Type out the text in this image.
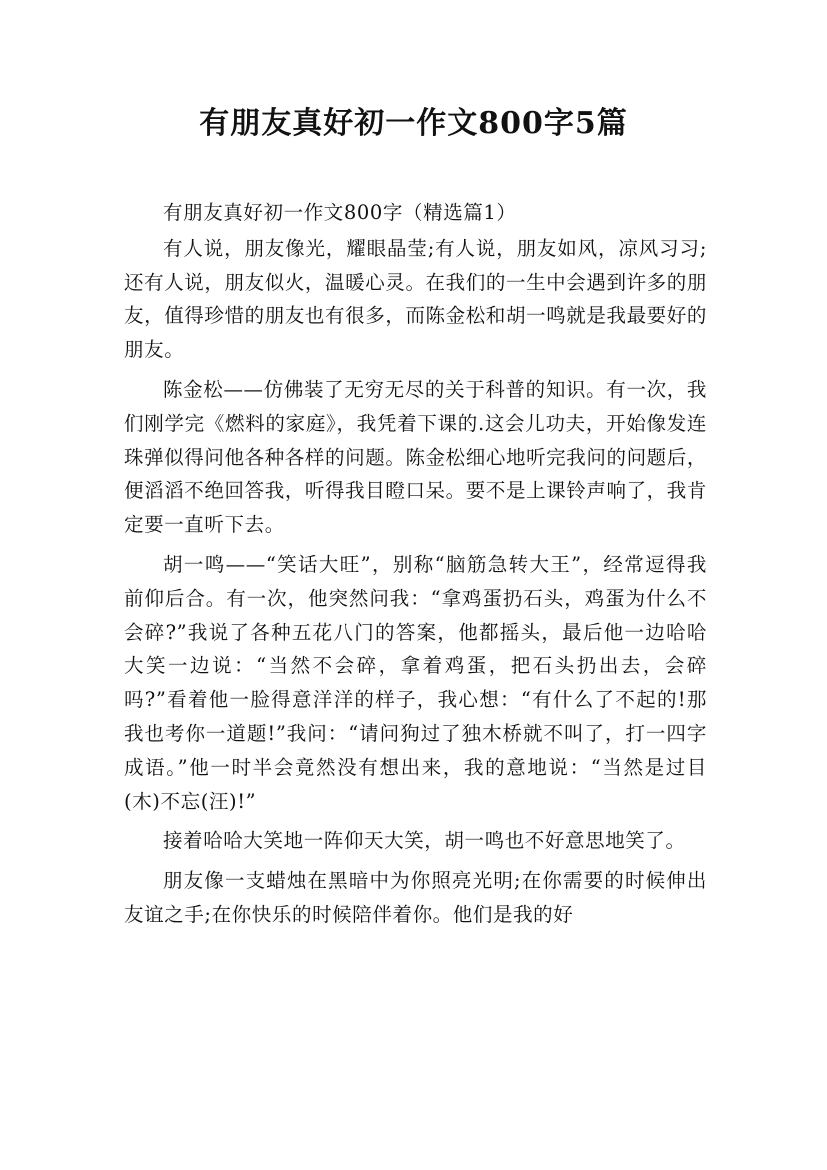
有朋友真好初一作文800字5篇

有朋友真好初一作文800字（精选篇1）

有人说，朋友像光，耀眼晶莹;有人说，朋友如风，凉风习习;还有人说，朋友似火，温暖心灵。在我们的一生中会遇到许多的朋友，值得珍惜的朋友也有很多，而陈金松和胡一鸣就是我最要好的朋友。

陈金松——仿佛装了无穷无尽的关于科普的知识。有一次，我们刚学完《燃料的家庭》，我凭着下课的.这会儿功夫，开始像发连珠弹似得问他各种各样的问题。陈金松细心地听完我问的问题后，便滔滔不绝回答我，听得我目瞪口呆。要不是上课铃声响了，我肯定要一直听下去。

胡一鸣——“笑话大旺”，别称“脑筋急转大王”，经常逗得我前仰后合。有一次，他突然问我：“拿鸡蛋扔石头，鸡蛋为什么不会碎?”我说了各种五花八门的答案，他都摇头，最后他一边哈哈大笑一边说：“当然不会碎，拿着鸡蛋，把石头扔出去，会碎吗?”看着他一脸得意洋洋的样子，我心想：“有什么了不起的!那我也考你一道题!”我问：“请问狗过了独木桥就不叫了，打一四字成语。”他一时半会竟然没有想出来，我的意地说：“当然是过目(木)不忘(汪)!”

接着哈哈大笑地一阵仰天大笑，胡一鸣也不好意思地笑了。

朋友像一支蜡烛在黑暗中为你照亮光明;在你需要的时候伸出友谊之手;在你快乐的时候陪伴着你。他们是我的好
